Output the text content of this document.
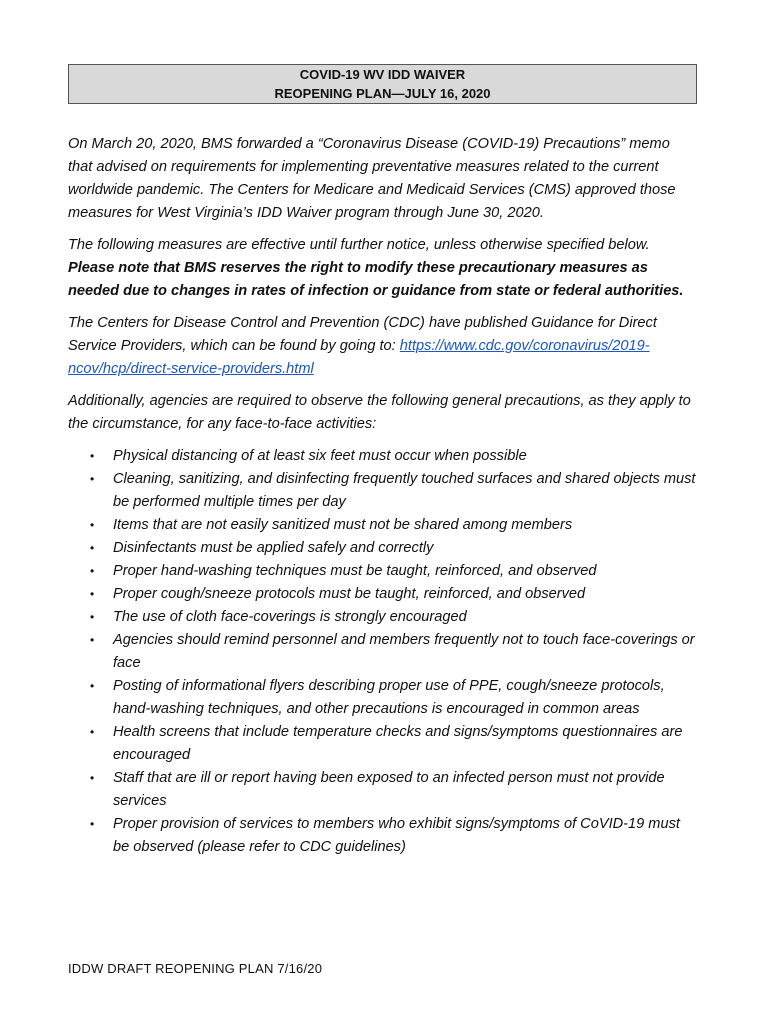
COVID-19 WV IDD WAIVER
REOPENING PLAN—JULY 16, 2020

On March 20, 2020, BMS forwarded a “Coronavirus Disease (COVID-19) Precautions” memo that advised on requirements for implementing preventative measures related to the current worldwide pandemic. The Centers for Medicare and Medicaid Services (CMS) approved those measures for West Virginia’s IDD Waiver program through June 30, 2020.

The following measures are effective until further notice, unless otherwise specified below. Please note that BMS reserves the right to modify these precautionary measures as needed due to changes in rates of infection or guidance from state or federal authorities.

The Centers for Disease Control and Prevention (CDC) have published Guidance for Direct Service Providers, which can be found by going to: https://www.cdc.gov/coronavirus/2019-ncov/hcp/direct-service-providers.html

Additionally, agencies are required to observe the following general precautions, as they apply to the circumstance, for any face-to-face activities:

• Physical distancing of at least six feet must occur when possible
• Cleaning, sanitizing, and disinfecting frequently touched surfaces and shared objects must be performed multiple times per day
• Items that are not easily sanitized must not be shared among members
• Disinfectants must be applied safely and correctly
• Proper hand-washing techniques must be taught, reinforced, and observed
• Proper cough/sneeze protocols must be taught, reinforced, and observed
• The use of cloth face-coverings is strongly encouraged
• Agencies should remind personnel and members frequently not to touch face-coverings or face
• Posting of informational flyers describing proper use of PPE, cough/sneeze protocols, hand-washing techniques, and other precautions is encouraged in common areas
• Health screens that include temperature checks and signs/symptoms questionnaires are encouraged
• Staff that are ill or report having been exposed to an infected person must not provide services
• Proper provision of services to members who exhibit signs/symptoms of CoVID-19 must be observed (please refer to CDC guidelines)
IDDW DRAFT REOPENING PLAN 7/16/20
